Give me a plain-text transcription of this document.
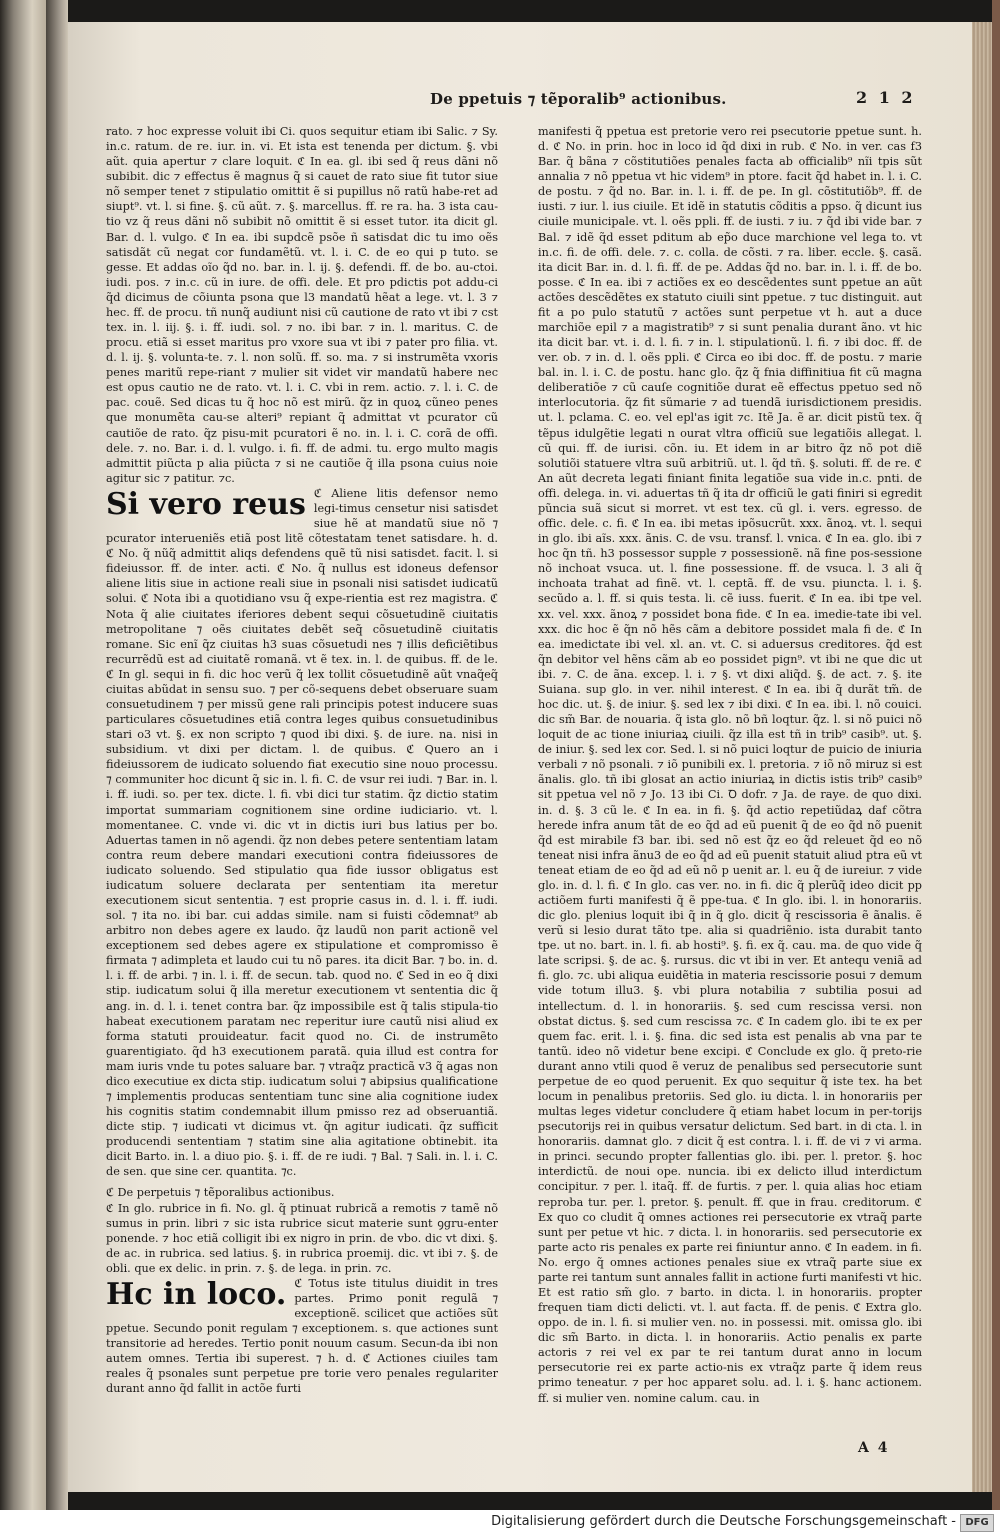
De ppetuis ⁊ tẽporalib⁹ actionibus.	2 1 2

rato. ⁊ hoc expresse voluit ibi Ci. quos sequitur etiam ibi Salic. ⁊ Sy. in.c. ratum. de re. iur. in. vi. Et ista est tenenda per dictum. §. vbi aũt. quia apertur ⁊ clare loquit. ℭ In ea. gl. ibi sed q̃ reus dãni nõ subibit. dic ⁊ effectus ẽ magnus q̃ si cauet de rato siue fit tutor siue nõ semper tenet ⁊ stipulatio omittit ẽ si pupillus nõ ratũ habe-ret ad siupt⁹. vt. l. si fine. §. cũ aũt. ⁊. §. marcellus. ff. re ra. ha. 3 ista cau-tio vz q̃ reus dãni nõ subibit nõ omittit ẽ si esset tutor. ita dicit gl. Bar. d. l. vulgo. ℭ In ea. ibi supdcẽ psõe ñ satisdat dic tu imo oẽs satisdãt cũ negat cor fundamẽtũ. vt. l. i. C. de eo qui p tuto. se gesse. Et addas oĩo q̃d no. bar. in. l. ij. §. defendi. ff. de bo. au-ctoi. iudi. pos. ⁊ in.c. cũ in iure. de offi. dele. Et pro pdictis pot addu-ci q̃d dicimus de cõiunta psona que l3 mandatũ hẽat a lege. vt. l. 3 ⁊ hec. ff. de procu. tñ nunq̃ audiunt nisi cũ cautione de rato vt ibi ⁊ cst tex. in. l. iij. §. i. ff. iudi. sol. ⁊ no. ibi bar. ⁊ in. l. maritus. C. de procu. etiã si esset maritus pro vxore sua vt ibi ⁊ pater pro filia. vt. d. l. ij. §. volunta-te. ⁊. l. non solũ. ff. so. ma. ⁊ si instrumẽta vxoris penes maritũ repe-riant ⁊ mulier sit videt vir mandatũ habere nec est opus cautio ne de rato. vt. l. i. C. vbi in rem. actio. ⁊. l. i. C. de pac. couẽ. Sed dicas tu q̃ hoc nõ est mirũ. q̃z in quoꝝ cũneo penes que monumẽta cau-se alteri⁹ repiant q̃ admittat vt pcurator cũ cautiõe de rato. q̃z pisu-mit pcuratori ẽ no. in. l. i. C. corã de offi. dele. ⁊. no. Bar. i. d. l. vulgo. i. fi. ff. de admi. tu. ergo multo magis admittit piũcta p alia piũcta ⁊ si ne cautiõe q̃ illa psona cuius noie agitur sic ⁊ patitur. ⁊c.

Si vero reus ℭ Aliene litis defensor nemo legi-timus censetur nisi satisdet siue hẽ at mandatũ siue nõ ⁊ pcurator interueniẽs etiã post litẽ cõtestatam tenet satisdare. h. d. ℭ No. q̃ nũq̃ admittit aliqs defendens quẽ tũ nisi satisdet. facit. l. si fideiussor. ff. de inter. acti. ℭ No. q̃ nullus est idoneus defensor aliene litis siue in actione reali siue in psonali nisi satisdet iudicatũ solui. ℭ Nota ibi a quotidiano vsu q̃ expe-rientia est rez magistra. ℭ Nota q̃ alie ciuitates iferiores debent sequi cõsuetudinẽ ciuitatis metropolitane ⁊ oẽs ciuitates debẽt seq̃ cõsuetudinẽ ciuitatis romane. Sic enĩ q̃z ciuitas h3 suas cõsuetudi nes ⁊ illis deficiẽtibus recurrẽdũ est ad ciuitatẽ romanã. vt ẽ tex. in. l. de quibus. ff. de le. ℭ In gl. sequi in fi. dic hoc verũ q̃ lex tollit cõsuetudinẽ aũt vnaq̃eq̃ ciuitas abũdat in sensu suo. ⁊ per cõ-sequens debet obseruare suam consuetudinem ⁊ per missũ gene rali principis potest inducere suas particulares cõsuetudines etiã contra leges quibus consuetudinibus stari o3 vt. §. ex non scripto ⁊ quod ibi dixi. §. de iure. na. nisi in subsidium. vt dixi per dictam. l. de quibus. ℭ Quero an i fideiussorem de iudicato soluendo fiat executio sine nouo processu. ⁊ communiter hoc dicunt q̃ sic in. l. fi. C. de vsur rei iudi. ⁊ Bar. in. l. i. ff. iudi. so. per tex. dicte. l. fi. vbi dici tur statim. q̃z dictio statim importat summariam cognitionem sine ordine iudiciario. vt. l. momentanee. C. vnde vi. dic vt in dictis iuri bus latius per bo. Aduertas tamen in nõ agendi. q̃z non debes petere sententiam latam contra reum debere mandari executioni contra fideiussores de iudicato soluendo. Sed stipulatio qua fide iussor obligatus est iudicatum soluere declarata per sententiam ita meretur executionem sicut sententia. ⁊ est proprie casus in. d. l. i. ff. iudi. sol. ⁊ ita no. ibi bar. cui addas simile. nam si fuisti cõdemnat⁹ ab arbitro non debes agere ex laudo. q̃z laudũ non parit actionẽ vel exceptionem sed debes agere ex stipulatione et compromisso ẽ firmata ⁊ adimpleta et laudo cui tu nõ pares. ita dicit Bar. ⁊ bo. in. d. l. i. ff. de arbi. ⁊ in. l. i. ff. de secun. tab. quod no. ℭ Sed in eo q̃ dixi stip. iudicatum solui q̃ illa meretur executionem vt sententia dic q̃ ang. in. d. l. i. tenet contra bar. q̃z impossibile est q̃ talis stipula-tio habeat executionem paratam nec reperitur iure cautũ nisi aliud ex forma statuti prouideatur. facit quod no. Ci. de instrumẽto guarentigiato. q̃d h3 executionem paratã. quia illud est contra for mam iuris vnde tu potes saluare bar. ⁊ vtraq̃z practicã v3 q̃ agas non dico executiue ex dicta stip. iudicatum solui ⁊ abipsius qualificatione ⁊ implementis producas sententiam tunc sine alia cognitione iudex his cognitis statim condemnabit illum pmisso rez ad obseruantiã. dicte stip. ⁊ iudicati vt dicimus vt. q̃n agitur iudicati. q̃z sufficit producendi sententiam ⁊ statim sine alia agitatione obtinebit. ita dicit Barto. in. l. a diuo pio. §. i. ff. de re iudi. ⁊ Bal. ⁊ Sali. in. l. i. C. de sen. que sine cer. quantita. ⁊c.

ℭ De perpetuis ⁊ tẽporalibus actionibus.

ℭ In glo. rubrice in fi. No. gl. q̃ ptinuat rubricã a remotis ⁊ tamẽ nõ sumus in prin. libri ⁊ sic ista rubrice sicut materie sunt ꝯgru-enter ponende. ⁊ hoc etiã colligit ibi ex nigro in prin. de vbo. dic vt dixi. §. de ac. in rubrica. sed latius. §. in rubrica proemij. dic. vt ibi ⁊. §. de obli. que ex delic. in prin. ⁊. §. de lega. in prin. ⁊c.

Hc in loco. ℭ Totus iste titulus diuidit in tres partes. Primo ponit regulã ⁊ exceptionẽ. scilicet que actiões sũt ppetue. Secundo ponit regulam ⁊ exceptionem. s. que actiones sunt transitorie ad heredes. Tertio ponit nouum casum. Secun-da ibi non autem omnes. Tertia ibi superest. ⁊ h. d. ℭ Actiones ciuiles tam reales q̃ psonales sunt perpetue pre torie vero penales regulariter durant anno q̃d fallit in actõe furti

manifesti q̃ ppetua est pretorie vero rei psecutorie ppetue sunt. h. d. ℭ No. in prin. hoc in loco id q̃d dixi in rub. ℭ No. in ver. cas f3 Bar. q̃ bãna ⁊ cõstitutiões penales facta ab officialib⁹ nĩi tpis sũt annalia ⁊ nõ ppetua vt hic videm⁹ in ptore. facit q̃d habet in. l. i. C. de postu. ⁊ q̃d no. Bar. in. l. i. ff. de pe. In gl. cõstitutiõb⁹. ff. de iusti. ⁊ iur. l. ius ciuile. Et idẽ in statutis cõditis a ppso. q̃ dicunt ius ciuile municipale. vt. l. oẽs ppli. ff. de iusti. ⁊ iu. ⁊ q̃d ibi vide bar. ⁊ Bal. ⁊ idẽ q̃d esset pditum ab ep̃o duce marchione vel lega to. vt in.c. fi. de offi. dele. ⁊. c. colla. de cõsti. ⁊ ra. liber. eccle. §. casã. ita dicit Bar. in. d. l. fi. ff. de pe. Addas q̃d no. bar. in. l. i. ff. de bo. posse. ℭ In ea. ibi ⁊ actiões ex eo descẽdentes sunt ppetue an aũt actões descẽdẽtes ex statuto ciuili sint ppetue. ⁊ tuc distinguit. aut fit a po pulo statutũ ⁊ actões sunt perpetue vt h. aut a duce marchiõe epil ⁊ a magistratib⁹ ⁊ si sunt penalia durant ãno. vt hic ita dicit bar. vt. i. d. l. fi. ⁊ in. l. stipulationũ. l. fi. ⁊ ibi doc. ff. de ver. ob. ⁊ in. d. l. oẽs ppli. ℭ Circa eo ibi doc. ff. de postu. ⁊ marie bal. in. l. i. C. de postu. hanc glo. q̃z q̃ fnia diffinitiua fit cũ magna deliberatiõe ⁊ cũ cauſe cognitiõe durat eẽ effectus ppetuo sed nõ interlocutoria. q̃z fit sũmarie ⁊ ad tuendã iurisdictionem presidis. ut. l. pclama. C. eo. vel epl'as igit ⁊c. Itẽ Ja. ẽ ar. dicit pistũ tex. q̃ tẽpus idulgẽtie legati n ourat vltra officiũ sue legatiõis allegat. l. cũ qui. ff. de iurisi. cõn. iu. Et idem in ar bitro q̃z nõ pot diẽ solutiõi statuere vltra suũ arbitriũ. ut. l. q̃d tñ. §. soluti. ff. de re. ℭ An aũt decreta legati finiant finita legatiõe sua vide in.c. pnti. de offi. delega. in. vi. aduertas tñ q̃ ita dr officiũ le gati finiri si egredit pũncia suã sicut si morret. vt est tex. cũ gl. i. vers. egresso. de offic. dele. c. fi. ℭ In ea. ibi metas ipõsucrũt. xxx. ãnoꝝ. vt. l. sequi in glo. ibi aĩs. xxx. ãnis. C. de vsu. transf. l. vnica. ℭ In ea. glo. ibi ⁊ hoc q̃n tñ. h3 possessor supple ⁊ possessionẽ. nã fine pos-sessione nõ inchoat vsuca. ut. l. fine possessione. ff. de vsuca. l. 3 ali q̃ inchoata trahat ad finẽ. vt. l. ceptã. ff. de vsu. piuncta. l. i. §. secũdo a. l. ff. si quis testa. li. cẽ iuss. fuerit. ℭ In ea. ibi tpe vel. xx. vel. xxx. ãnoꝝ ⁊ possidet bona fide. ℭ In ea. imedie-tate ibi vel. xxx. dic hoc ẽ q̃n nõ hẽs cãm a debitore possidet mala fi de. ℭ In ea. imedictate ibi vel. xl. an. vt. C. si aduersus creditores. q̃d est q̃n debitor vel hẽns cãm ab eo possidet pign⁹. vt ibi ne que dic ut ibi. ⁊. C. de ãna. excep. l. i. ⁊ §. vt dixi aliq̃d. §. de act. ⁊. §. ite Suiana. sup glo. in ver. nihil interest. ℭ In ea. ibi q̃ durãt tm̃. de hoc dic. ut. §. de iniur. §. sed lex ⁊ ibi dixi. ℭ In ea. ibi. l. nõ couici. dic sm̃ Bar. de nouaria. q̃ ista glo. nõ bñ loqtur. q̃z. l. si nõ puici nõ loquit de ac tione iniuriaꝝ ciuili. q̃z illa est tñ in trib⁹ casib⁹. ut. §. de iniur. §. sed lex cor. Sed. l. si nõ puici loqtur de puicio de iniuria verbali ⁊ nõ psonali. ⁊ iõ punibili ex. l. pretoria. ⁊ iõ nõ miruz si est ãnalis. glo. tñ ibi glosat an actio iniuriaꝝ in dictis istis trib⁹ casib⁹ sit ppetua vel nõ ⁊ Jo. 13 ibi Ci. Ꝺ dofr. ⁊ Ja. de raye. de quo dixi. in. d. §. 3 cũ le. ℭ In ea. in fi. §. q̃d actio repetiũdaꝝ daf cõtra herede infra anum tãt de eo q̃d ad eũ puenit q̃ de eo q̃d nõ puenit q̃d est mirabile f3 bar. ibi. sed nõ est q̃z eo q̃d releuet q̃d eo nõ teneat nisi infra ãnu3 de eo q̃d ad eũ puenit statuit aliud ptra eũ vt teneat etiam de eo q̃d ad eũ nõ p uenit ar. l. eu q̃ de iureiur. ⁊ vide glo. in. d. l. fi. ℭ In glo. cas ver. no. in fi. dic q̃ plerũq̃ ideo dicit pp actiõem furti manifesti q̃ ẽ ppe-tua. ℭ In glo. ibi. l. in honorariis. dic glo. plenius loquit ibi q̃ in q̃ glo. dicit q̃ resci̇ssoria ẽ ãnalis. ẽ verũ si lesio durat tãto tpe. alia si quadriẽnio. ista durabit tanto tpe. ut no. bart. in. l. fi. ab hosti⁹. §. fi. ex q̃. cau. ma. de quo vide q̃ late scripsi. §. de ac. §. rursus. dic vt ibi in ver. Et antequ veniã ad fi. glo. ⁊c. ubi aliqua euidẽtia in materia resci̇ssorie posui ⁊ demum vide totum illu3. §. vbi plura notabilia ⁊ subtilia posui ad intellectum. d. l. in honorariis. §. sed cum resci̇ssa versi. non obstat dictus. §. sed cum resci̇ssa ⁊c. ℭ In cadem glo. ibi te ex per quem fac. erit. l. i. §. fina. dic sed ista est penalis ab vna par te tantũ. ideo nõ videtur bene excipi. ℭ Conclude ex glo. q̃ preto-rie durant anno vtili quod ẽ veruz de penalibus sed persecutorie sunt perpetue de eo quod peruenit. Ex quo sequitur q̃ iste tex. ha bet locum in penalibus pretoriis. Sed glo. iu dicta. l. in honorariis per multas leges videtur concludere q̃ etiam habet locum in per-torijs psecutorijs rei in quibus versatur delictum. Sed bart. in di cta. l. in honorariis. damnat glo. ⁊ dicit q̃ est contra. l. i. ff. de vi ⁊ vi arma. in princi. secundo propter fallentias glo. ibi. per. l. pretor. §. hoc interdictũ. de noui ope. nuncia. ibi ex delicto illud interdictum concipitur. ⁊ per. l. itaq̃. ff. de furtis. ⁊ per. l. quia alias hoc etiam reproba tur. per. l. pretor. §. penult. ff. que in frau. creditorum. ℭ Ex quo co cludit q̃ omnes actiones rei persecutorie ex vtraq̃ parte sunt per petue vt hic. ⁊ dicta. l. in honorariis. sed persecutorie ex parte acto ris penales ex parte rei finiuntur anno. ℭ In eadem. in fi. No. ergo q̃ omnes actiones penales siue ex vtraq̃ parte siue ex parte rei tantum sunt annales fallit in actione furti manifesti vt hic. Et est ratio sm̃ glo. ⁊ barto. in dicta. l. in honorariis. propter frequen tiam dicti delicti. vt. l. aut facta. ff. de penis. ℭ Extra glo. oppo. de in. l. fi. si mulier ven. no. in possessi. mit. omissa glo. ibi dic sm̃ Barto. in dicta. l. in honorariis. Actio penalis ex parte actoris ⁊ rei vel ex par te rei tantum durat anno in locum persecutorie rei ex parte actio-nis ex vtraq̃z parte q̃ idem reus primo teneatur. ⁊ per hoc apparet solu. ad. l. i. §. hanc actionem. ff. si mulier ven. nomine calum. cau. in

A 4
Digitalisierung gefördert durch die Deutsche Forschungsgemeinschaft - DFG
